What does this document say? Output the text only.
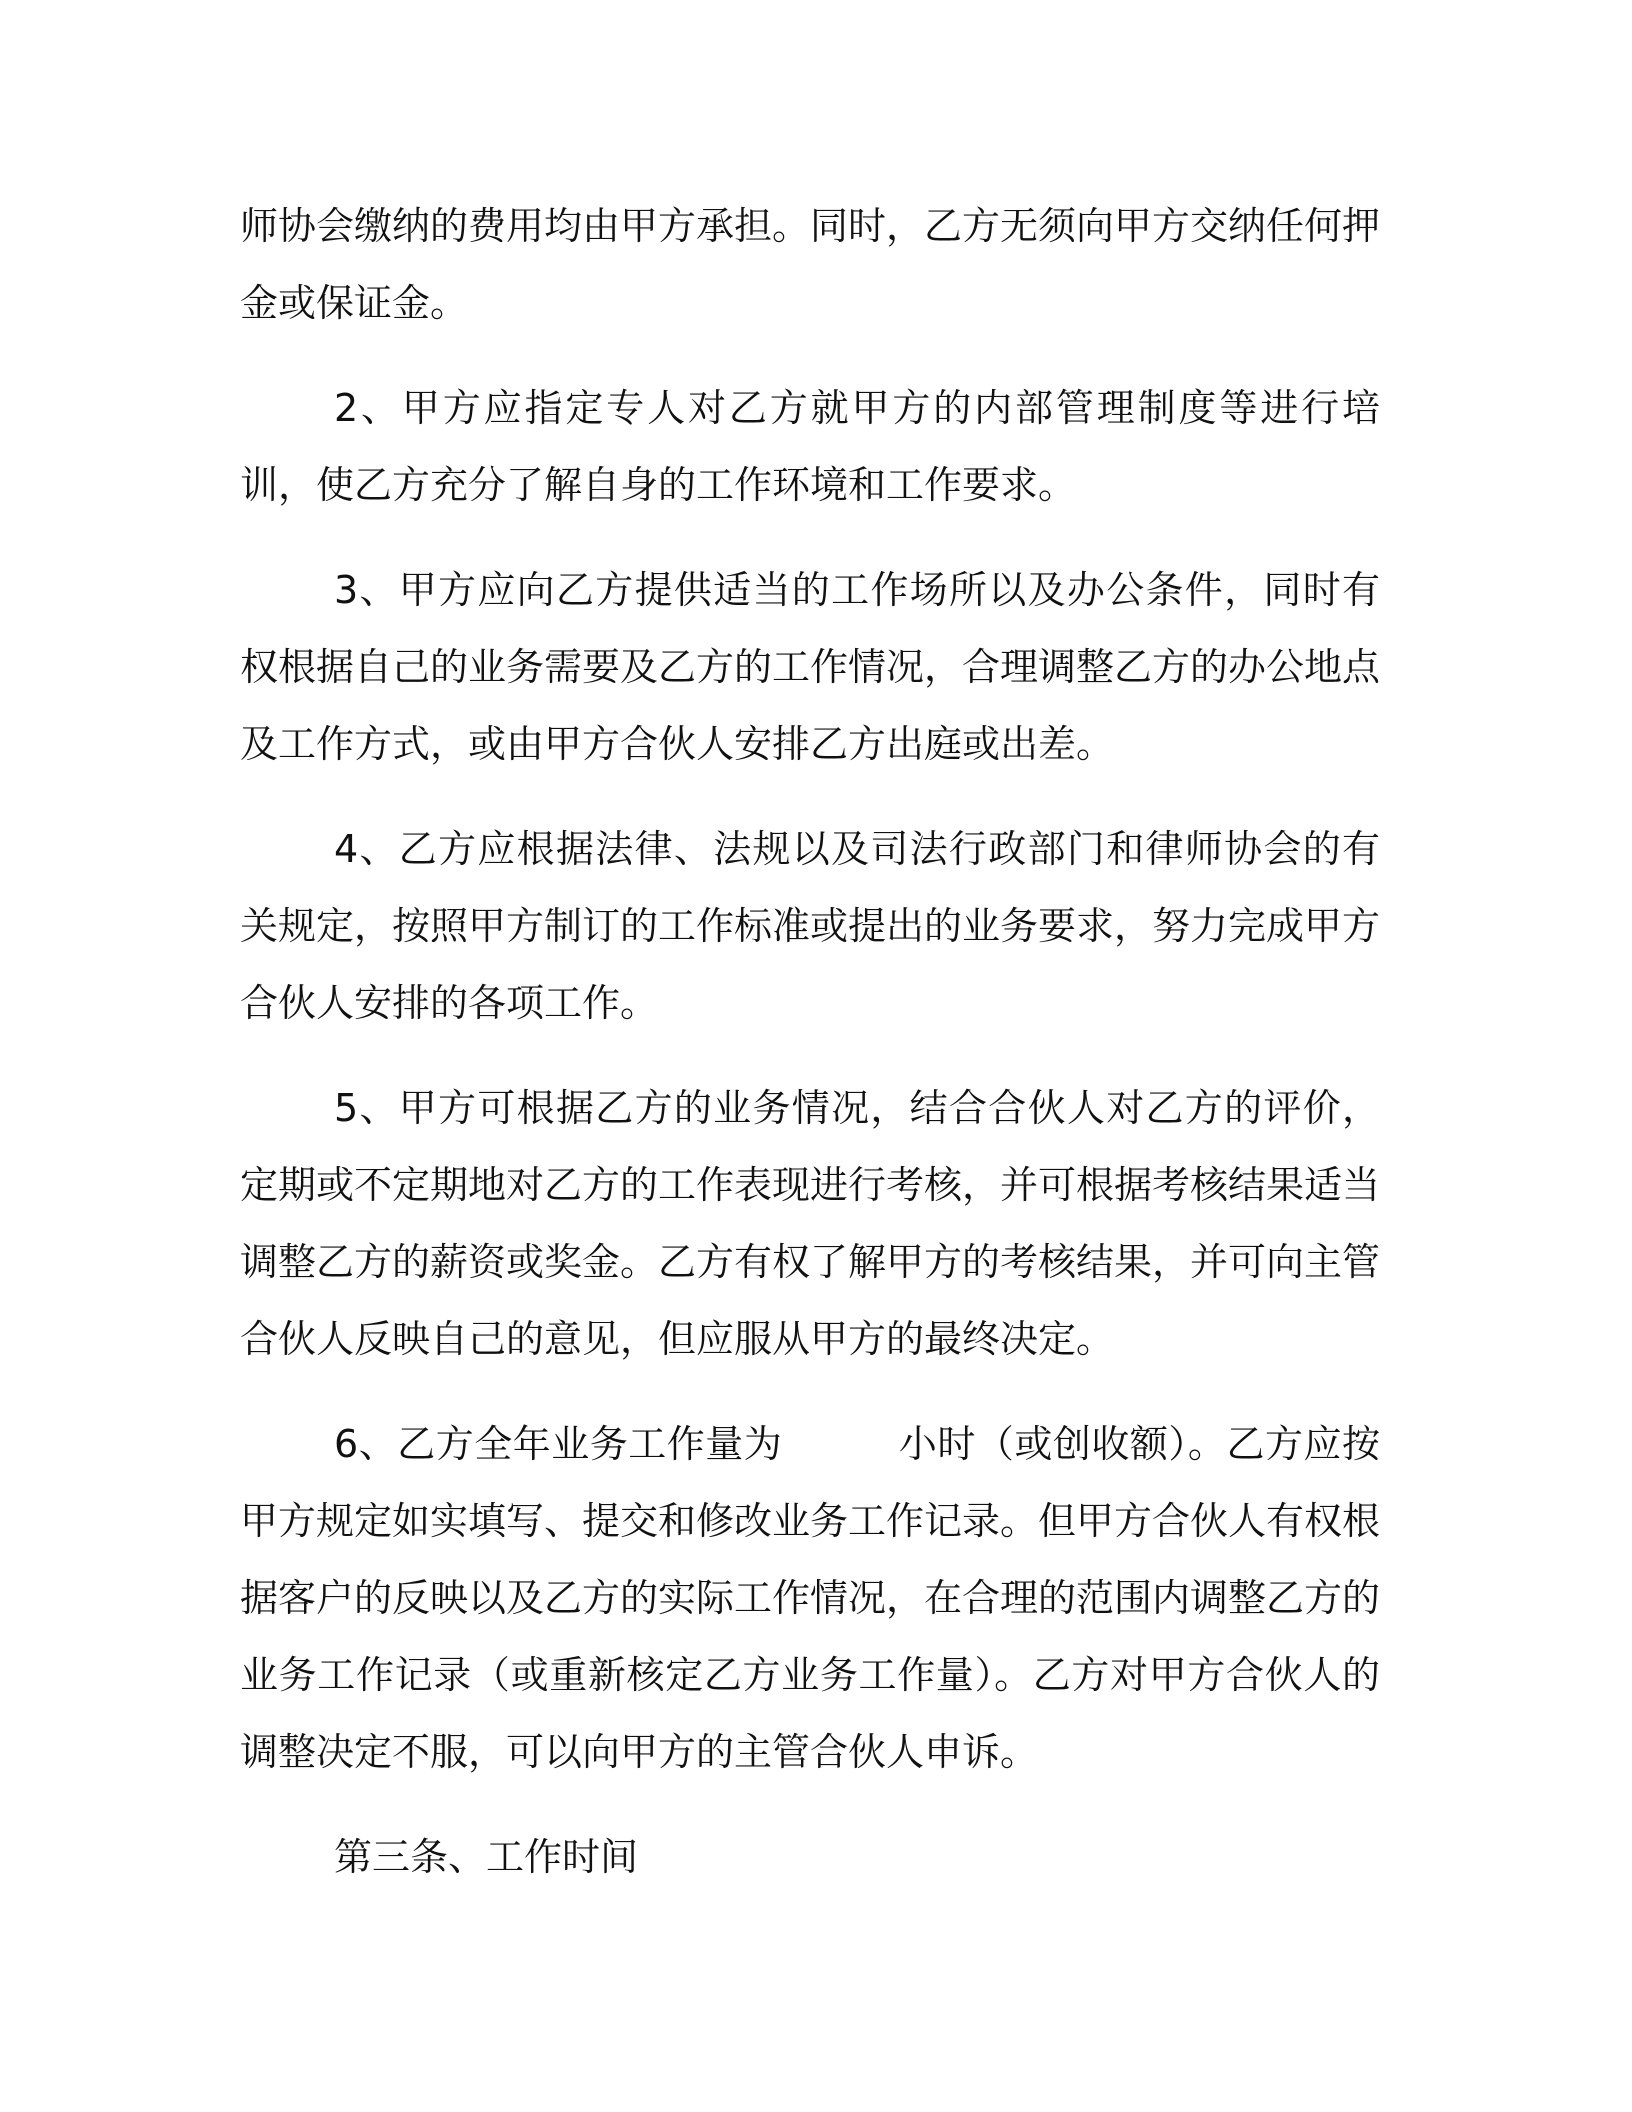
师协会缴纳的费用均由甲方承担。同时，乙方无须向甲方交纳任何押金或保证金。

2、甲方应指定专人对乙方就甲方的内部管理制度等进行培训，使乙方充分了解自身的工作环境和工作要求。

3、甲方应向乙方提供适当的工作场所以及办公条件，同时有权根据自己的业务需要及乙方的工作情况，合理调整乙方的办公地点及工作方式，或由甲方合伙人安排乙方出庭或出差。

4、乙方应根据法律、法规以及司法行政部门和律师协会的有关规定，按照甲方制订的工作标准或提出的业务要求，努力完成甲方合伙人安排的各项工作。

5、甲方可根据乙方的业务情况，结合合伙人对乙方的评价，定期或不定期地对乙方的工作表现进行考核，并可根据考核结果适当调整乙方的薪资或奖金。乙方有权了解甲方的考核结果，并可向主管合伙人反映自己的意见，但应服从甲方的最终决定。

6、乙方全年业务工作量为	小时（或创收额）。乙方应按甲方规定如实填写、提交和修改业务工作记录。但甲方合伙人有权根据客户的反映以及乙方的实际工作情况，在合理的范围内调整乙方的业务工作记录（或重新核定乙方业务工作量）。乙方对甲方合伙人的调整决定不服，可以向甲方的主管合伙人申诉。

第三条、工作时间
